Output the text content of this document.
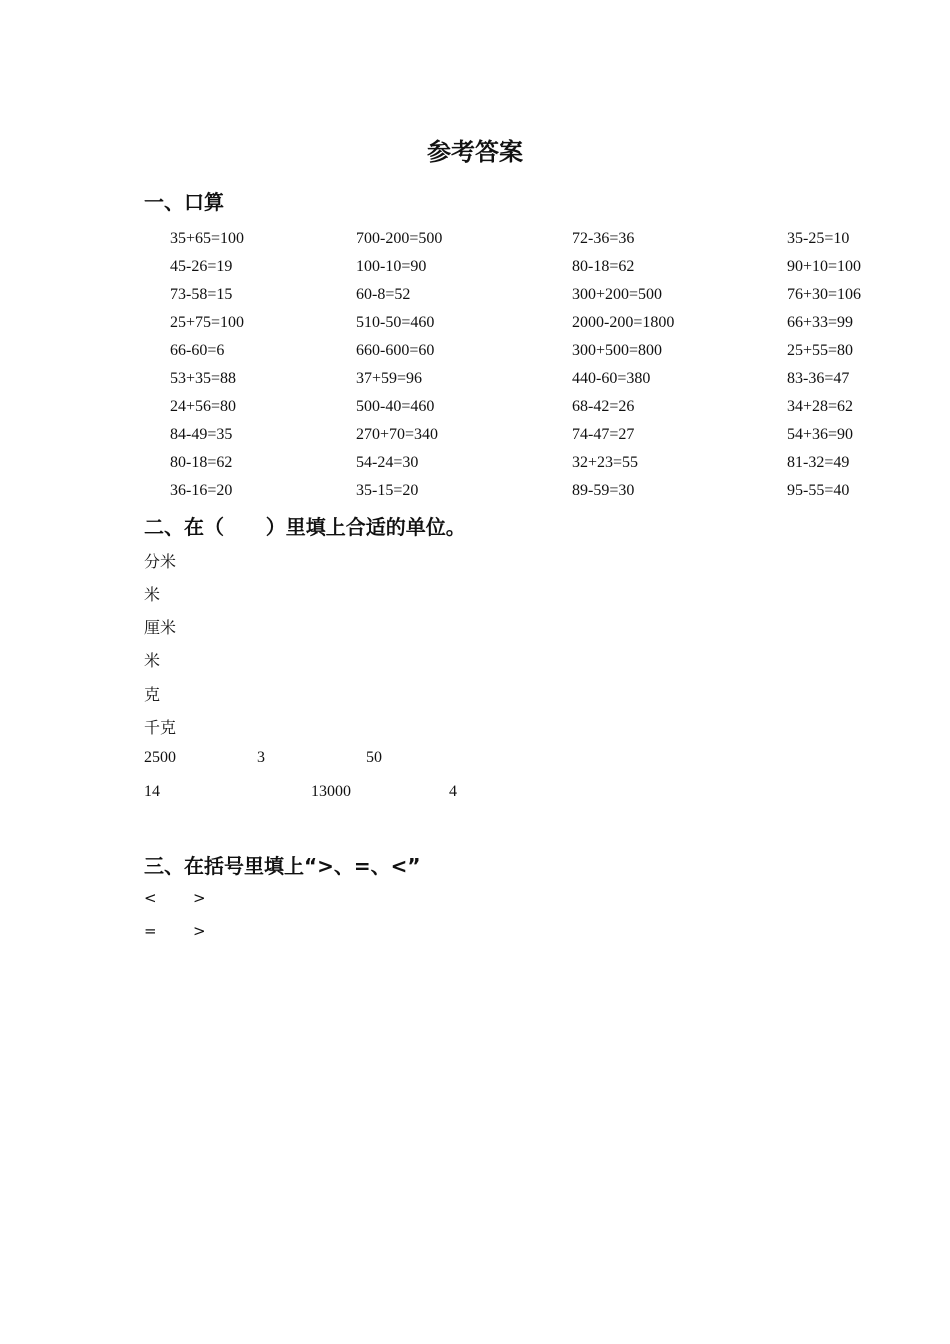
参考答案
一、口算
35+65=100	700-200=500	72-36=36	35-25=10
45-26=19	100-10=90	80-18=62	90+10=100
73-58=15	60-8=52	300+200=500	76+30=106
25+75=100	510-50=460	2000-200=1800	66+33=99
66-60=6	660-600=60	300+500=800	25+55=80
53+35=88	37+59=96	440-60=380	83-36=47
24+56=80	500-40=460	68-42=26	34+28=62
84-49=35	270+70=340	74-47=27	54+36=90
80-18=62	54-24=30	32+23=55	81-32=49
36-16=20	35-15=20	89-59=30	95-55=40
二、在（      ）里填上合适的单位。
分米
米
厘米
米
克
千克
2500	3	50
14	13000	4
三、在括号里填上“>、=、<”
< >
= >
